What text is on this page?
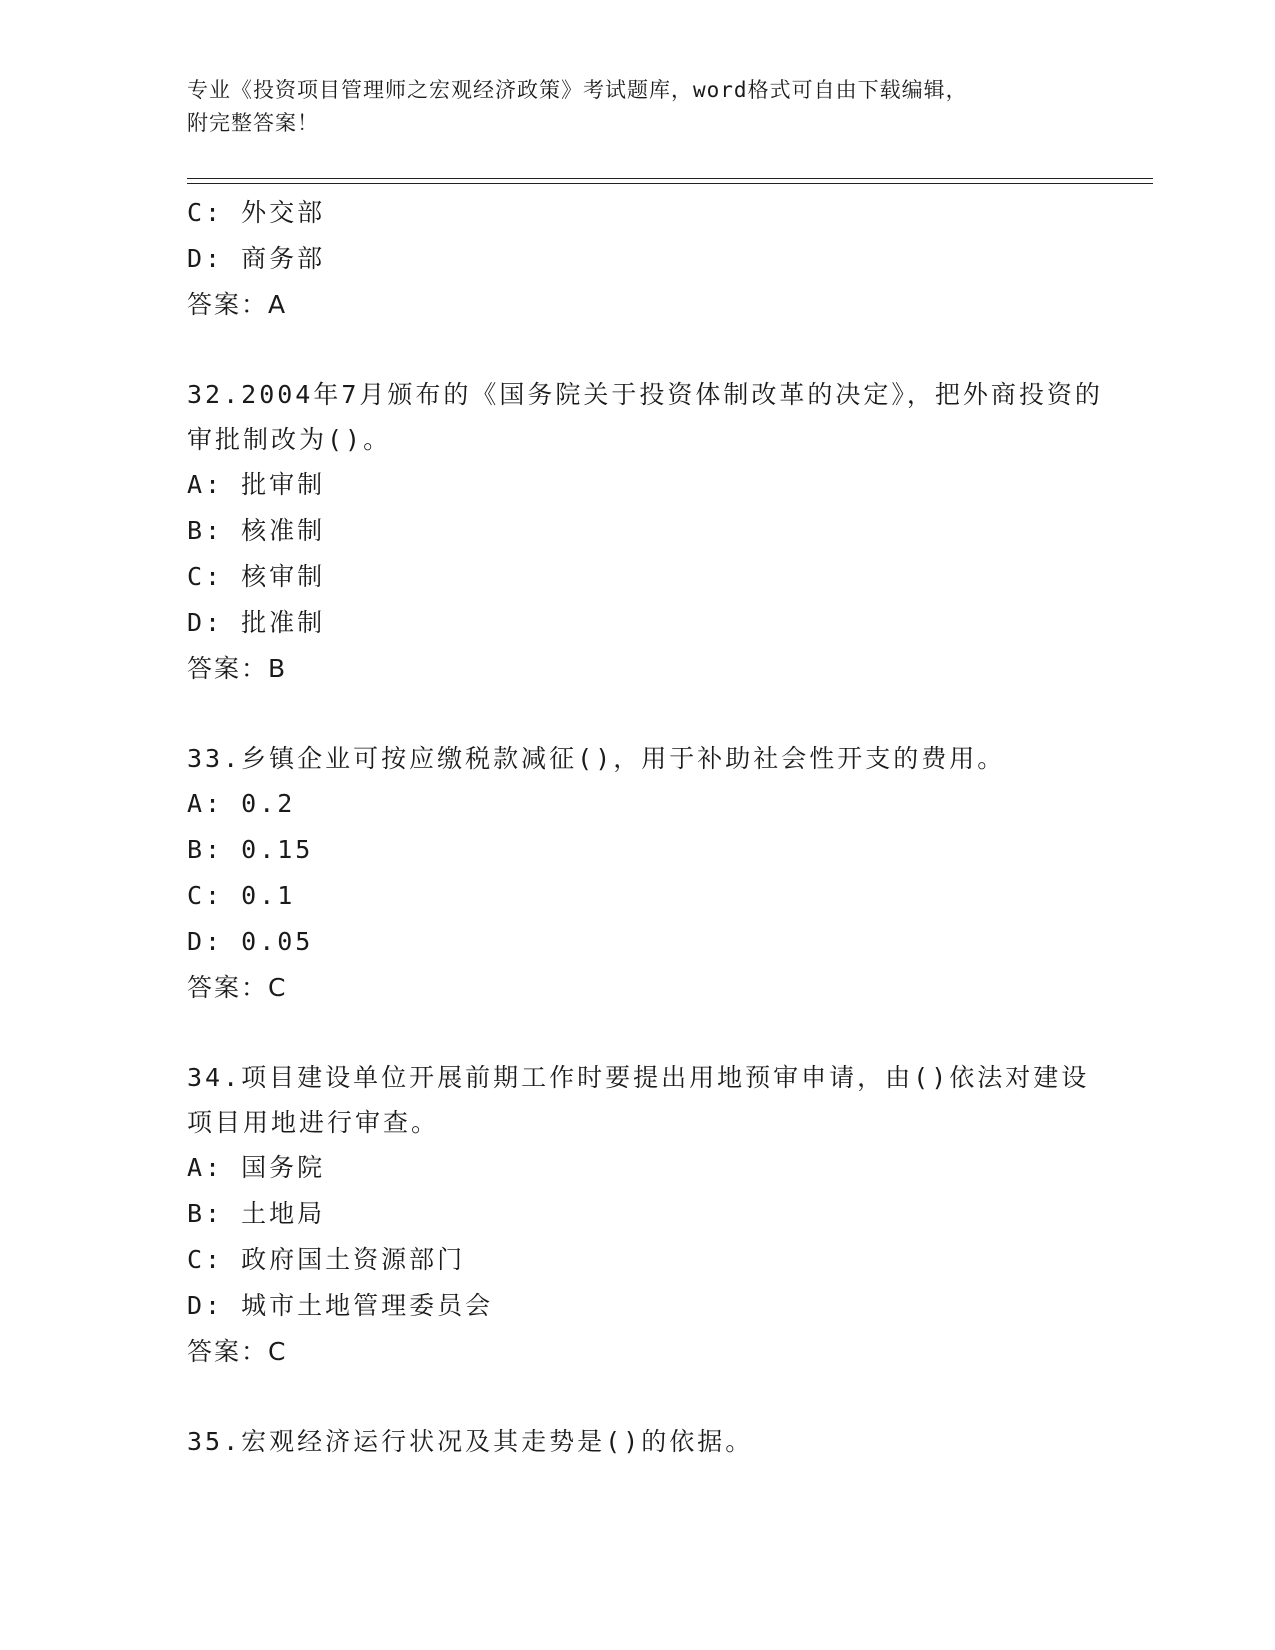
专业《投资项目管理师之宏观经济政策》考试题库，word格式可自由下载编辑，
附完整答案！
C: 外交部
D: 商务部
答案：A
32.2004年7月颁布的《国务院关于投资体制改革的决定》，把外商投资的审批制改为()。
A: 批审制
B: 核准制
C: 核审制
D: 批准制
答案：B
33.乡镇企业可按应缴税款减征()，用于补助社会性开支的费用。
A: 0.2
B: 0.15
C: 0.1
D: 0.05
答案：C
34.项目建设单位开展前期工作时要提出用地预审申请，由()依法对建设项目用地进行审查。
A: 国务院
B: 土地局
C: 政府国土资源部门
D: 城市土地管理委员会
答案：C
35.宏观经济运行状况及其走势是()的依据。
